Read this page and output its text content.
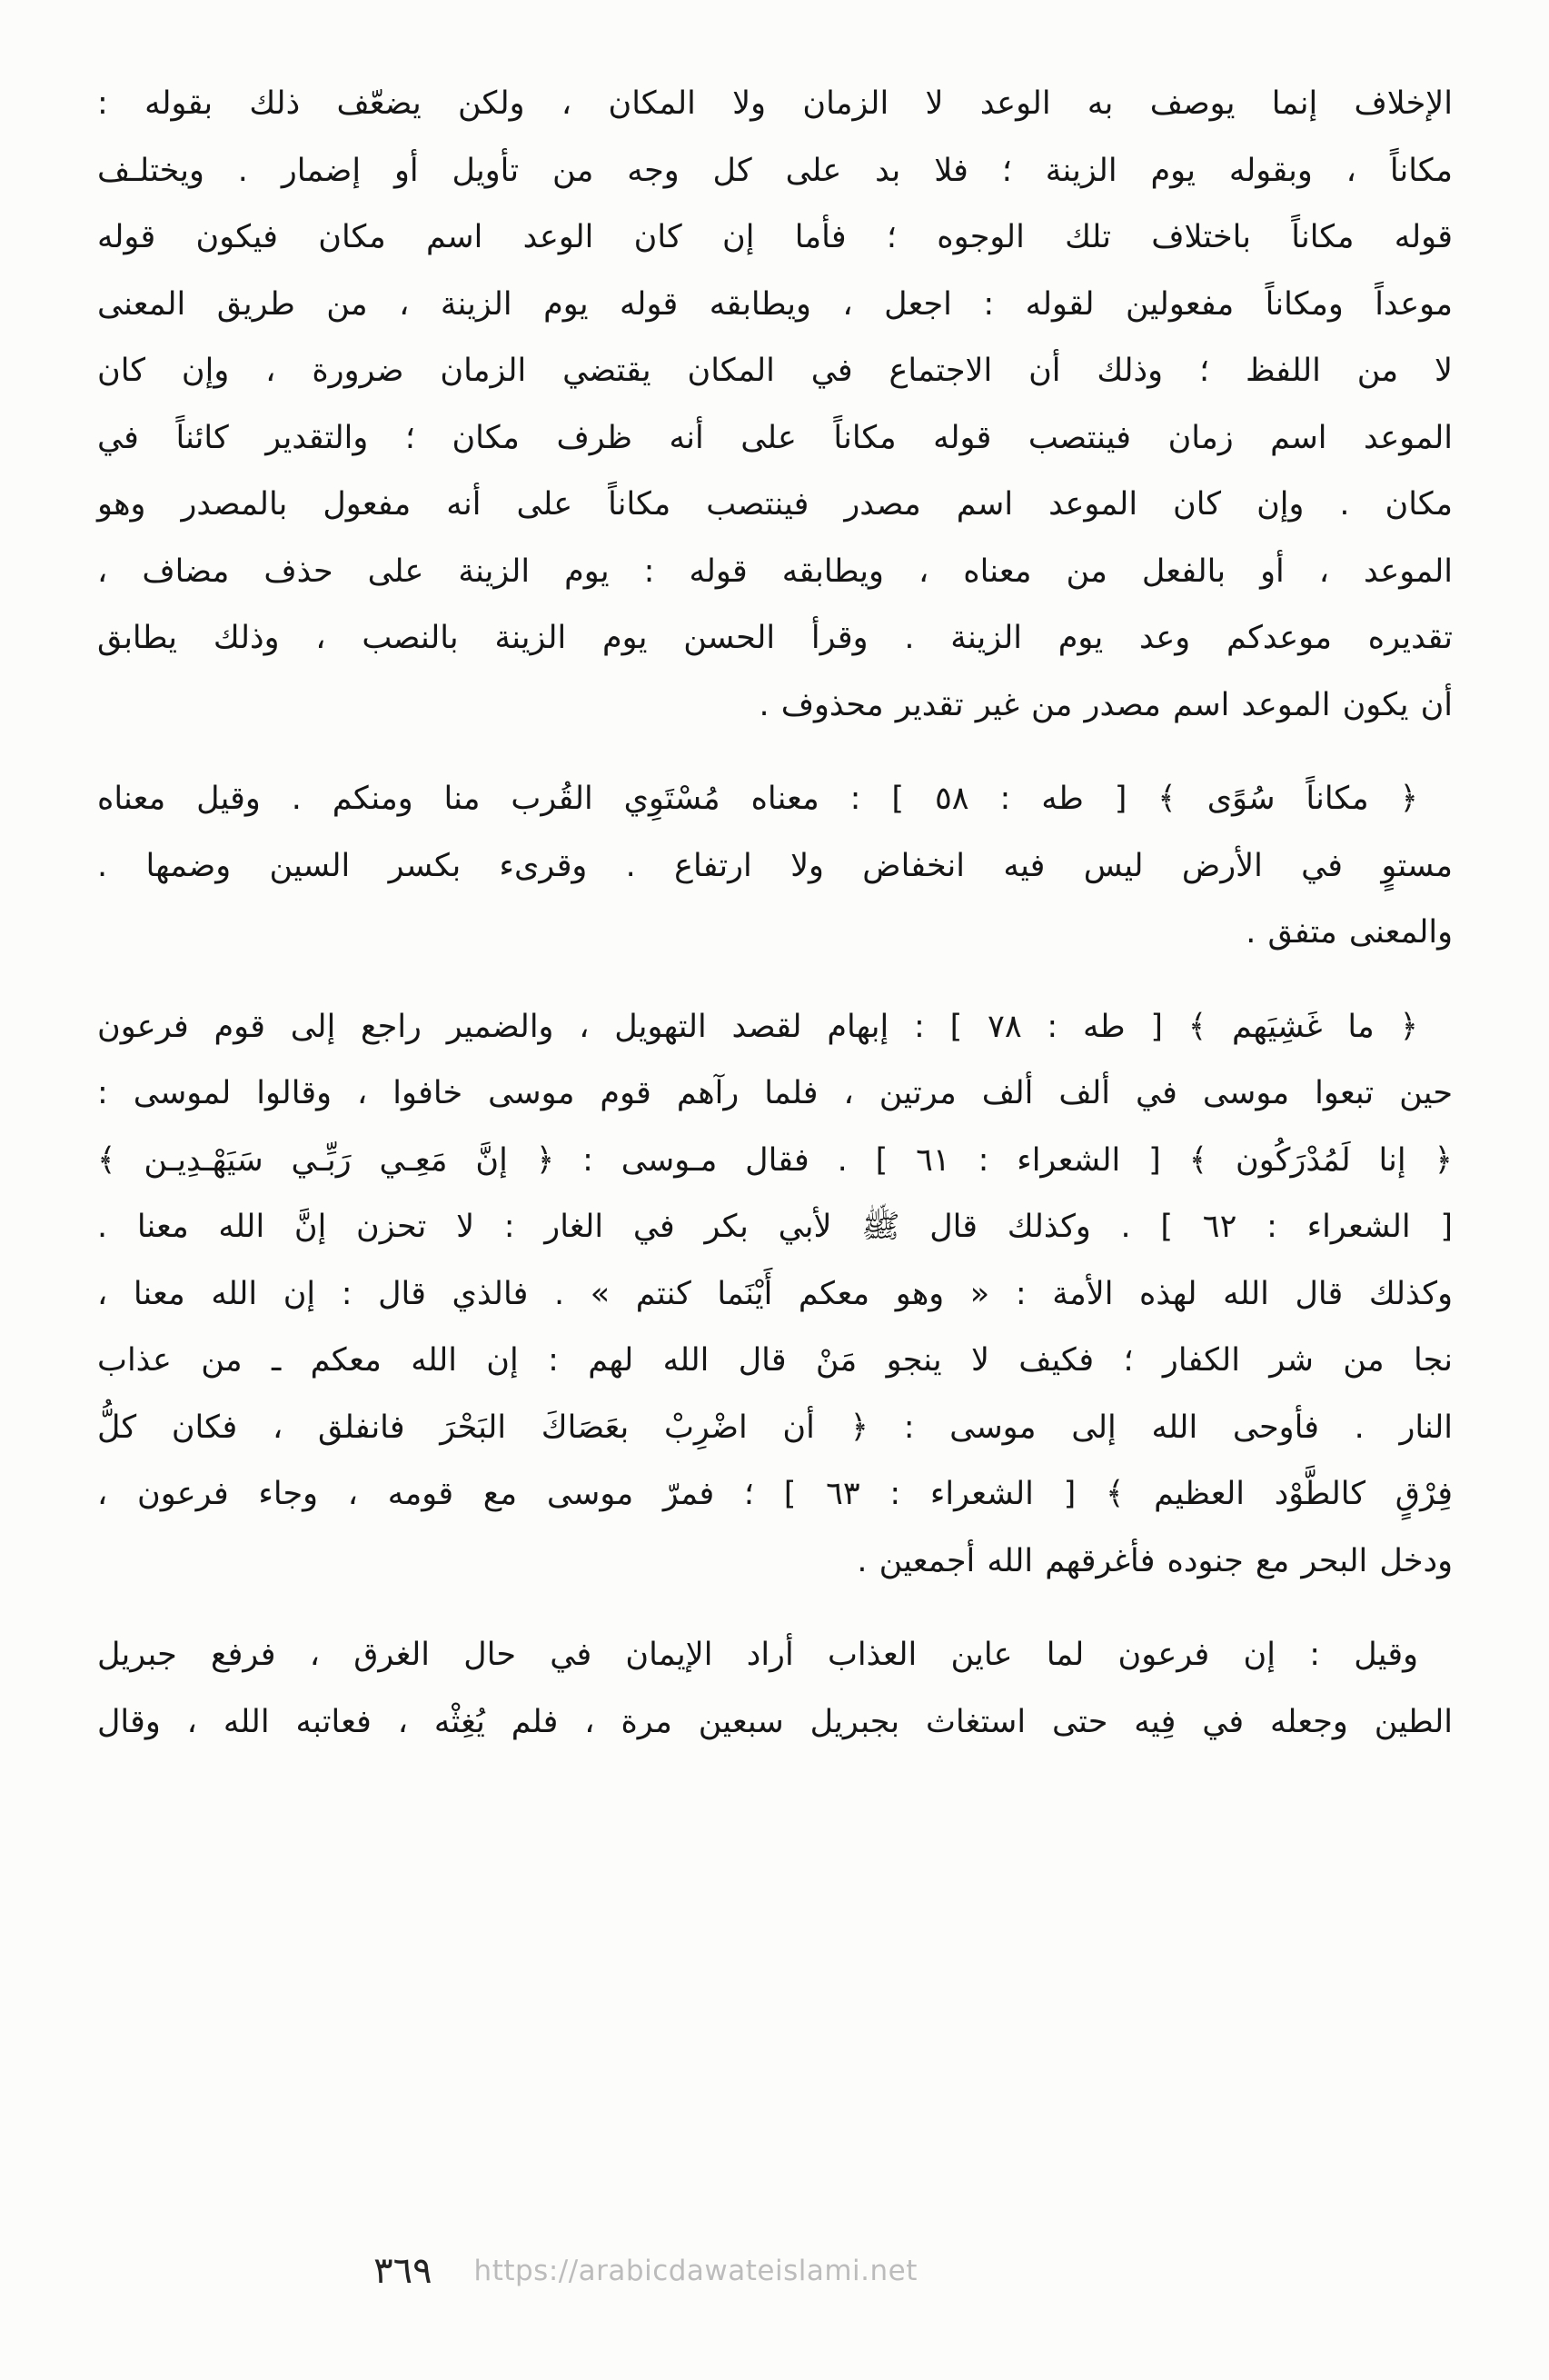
الإخلاف إنما يوصف به الوعد لا الزمان ولا المكان ، ولكن يضعّف ذلك بقوله :
مكاناً ، وبقوله يوم الزينة ؛ فلا بد على كل وجه من تأويل أو إضمار . ويختلـف
قوله مكاناً باختلاف تلك الوجوه ؛ فأما إن كان الوعد اسم مكان فيكون قوله
موعداً ومكاناً مفعولين لقوله : اجعل ، ويطابقه قوله يوم الزينة ، من طريق المعنى
لا من اللفظ ؛ وذلك أن الاجتماع في المكان يقتضي الزمان ضرورة ، وإن كان
الموعد اسم زمان فينتصب قوله مكاناً على أنه ظرف مكان ؛ والتقدير كائناً في
مكان . وإن كان الموعد اسم مصدر فينتصب مكاناً على أنه مفعول بالمصدر وهو
الموعد ، أو بالفعل من معناه ، ويطابقه قوله : يوم الزينة على حذف مضاف ،
تقديره موعدكم وعد يوم الزينة . وقرأ الحسن يوم الزينة بالنصب ، وذلك يطابق
أن يكون الموعد اسم مصدر من غير تقدير محذوف .
﴿ مكاناً سُوًى ﴾ [ طه : ٥٨ ] : معناه مُسْتَوِي القُرب منا ومنكم . وقيل معناه
مستوٍ في الأرض ليس فيه انخفاض ولا ارتفاع . وقرىء بكسر السين وضمها .
والمعنى متفق .
﴿ ما غَشِيَهم ﴾ [ طه : ٧٨ ] : إبهام لقصد التهويل ، والضمير راجع إلى قوم فرعون
حين تبعوا موسى في ألف ألف مرتين ، فلما رآهم قوم موسى خافوا ، وقالوا لموسى :
﴿ إنا لَمُدْرَكُون ﴾ [ الشعراء : ٦١ ] . فقال مـوسى : ﴿ إنَّ مَعِـي رَبِّـي سَيَهْـدِيـن ﴾
[ الشعراء : ٦٢ ] . وكذلك قال ﷺ لأبي بكر في الغار : لا تحزن إنَّ الله معنا .
وكذلك قال الله لهذه الأمة : « وهو معكم أَيْنَما كنتم » . فالذي قال : إن الله معنا ،
نجا من شر الكفار ؛ فكيف لا ينجو مَنْ قال الله لهم : إن الله معكم ـ من عذاب
النار . فأوحى الله إلى موسى : ﴿ أن اضْرِبْ بعَصَاكَ البَحْرَ فانفلق ، فكان كلُّ
فِرْقٍ كالطَّوْد العظيم ﴾ [ الشعراء : ٦٣ ] ؛ فمرّ موسى مع قومه ، وجاء فرعون ،
ودخل البحر مع جنوده فأغرقهم الله أجمعين .
وقيل : إن فرعون لما عاين العذاب أراد الإيمان في حال الغرق ، فرفع جبريل
الطين وجعله في فِيه حتى استغاث بجبريل سبعين مرة ، فلم يُغِثْه ، فعاتبه الله ، وقال
٣٦٩ https://arabicdawateislami.net
